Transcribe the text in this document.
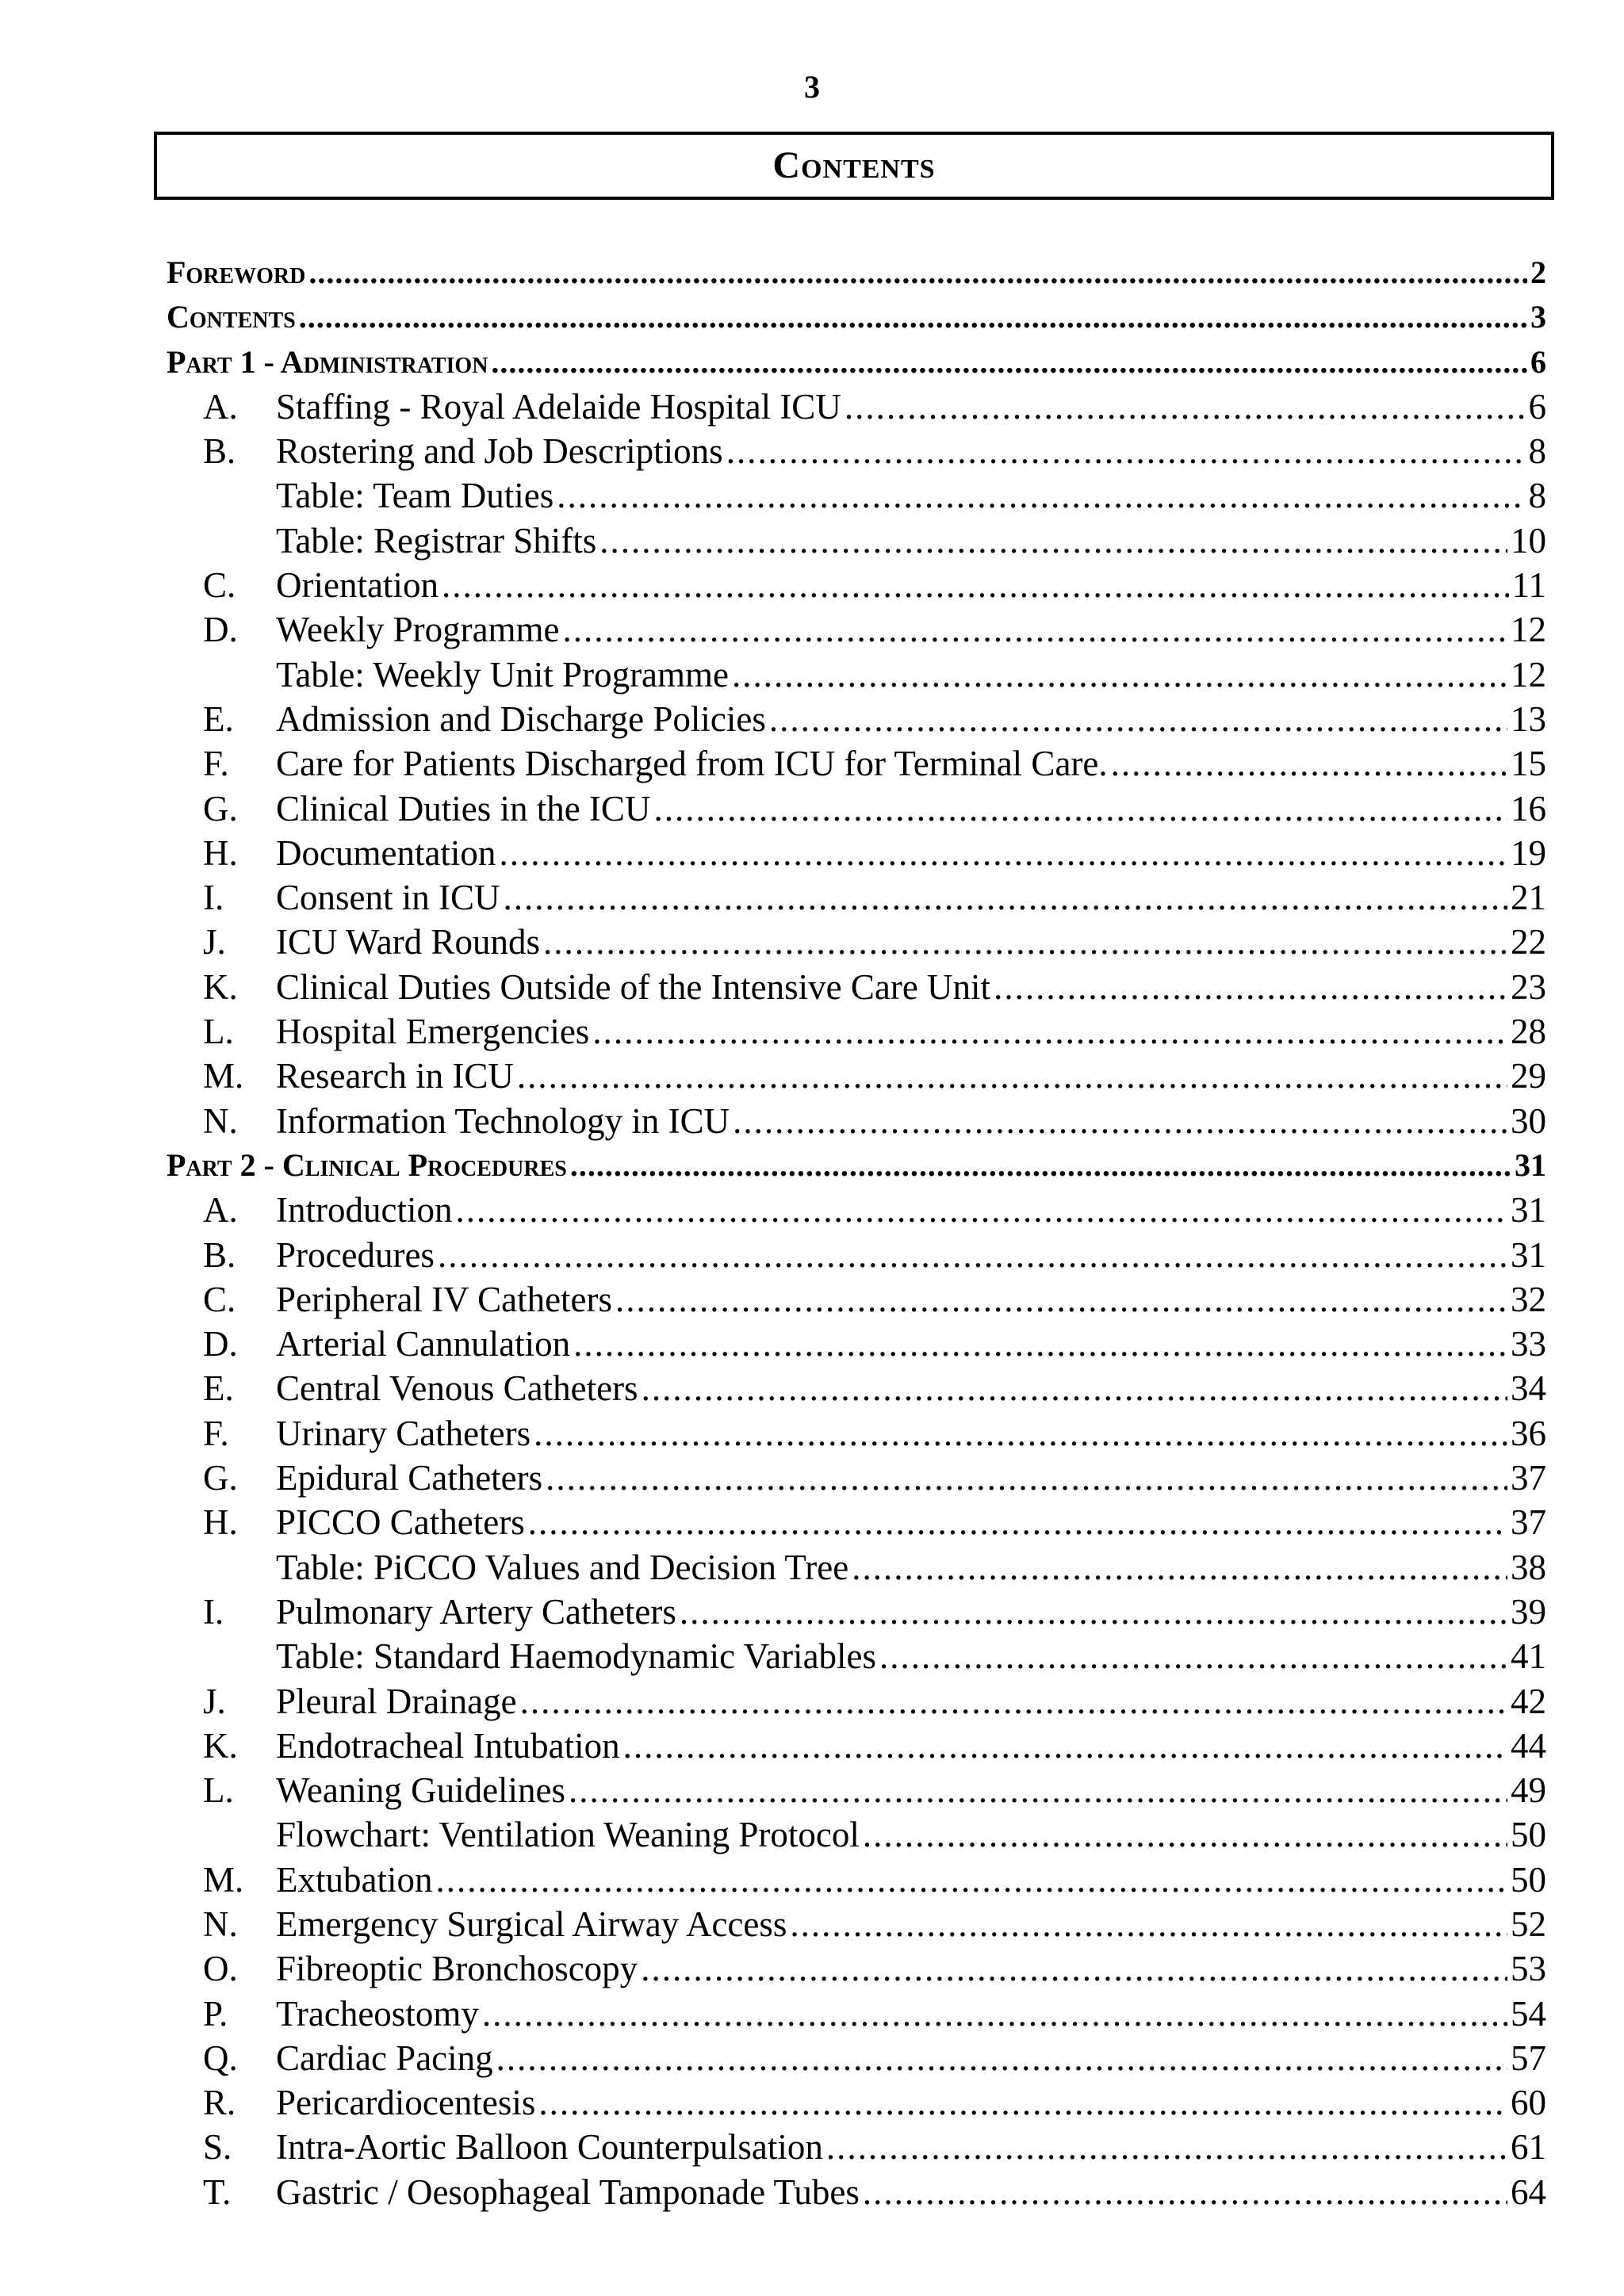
3
Contents
Foreword .....	2
Contents .....	3
Part 1 - Administration .....	6
A.	Staffing - Royal Adelaide Hospital ICU .....	6
B.	Rostering and Job Descriptions .....	8
Table: Team Duties .....	8
Table: Registrar Shifts .....	10
C.	Orientation .....	11
D.	Weekly Programme .....	12
Table: Weekly Unit Programme .....	12
E.	Admission and Discharge Policies .....	13
F.	Care for Patients Discharged from ICU for Terminal Care. .....	15
G.	Clinical Duties in the ICU .....	16
H.	Documentation .....	19
I.	Consent in ICU .....	21
J.	ICU Ward Rounds .....	22
K.	Clinical Duties Outside of the Intensive Care Unit .....	23
L.	Hospital Emergencies .....	28
M. Research in ICU .....	29
N.	Information Technology in ICU .....	30
Part 2 - Clinical Procedures .....	31
A.	Introduction .....	31
B.	Procedures .....	31
C.	Peripheral IV Catheters .....	32
D.	Arterial Cannulation .....	33
E.	Central Venous Catheters .....	34
F.	Urinary Catheters .....	36
G.	Epidural Catheters .....	37
H.	PICCO Catheters .....	37
Table: PiCCO Values and Decision Tree .....	38
I.	Pulmonary Artery Catheters .....	39
Table: Standard Haemodynamic Variables .....	41
J.	Pleural Drainage .....	42
K.	Endotracheal Intubation .....	44
L.	Weaning Guidelines .....	49
Flowchart: Ventilation Weaning Protocol .....	50
M. Extubation .....	50
N.	Emergency Surgical Airway Access .....	52
O.	Fibreoptic Bronchoscopy .....	53
P.	Tracheostomy .....	54
Q.	Cardiac Pacing .....	57
R.	Pericardiocentesis .....	60
S.	Intra-Aortic Balloon Counterpulsation .....	61
T.	Gastric / Oesophageal Tamponade Tubes .....	64
